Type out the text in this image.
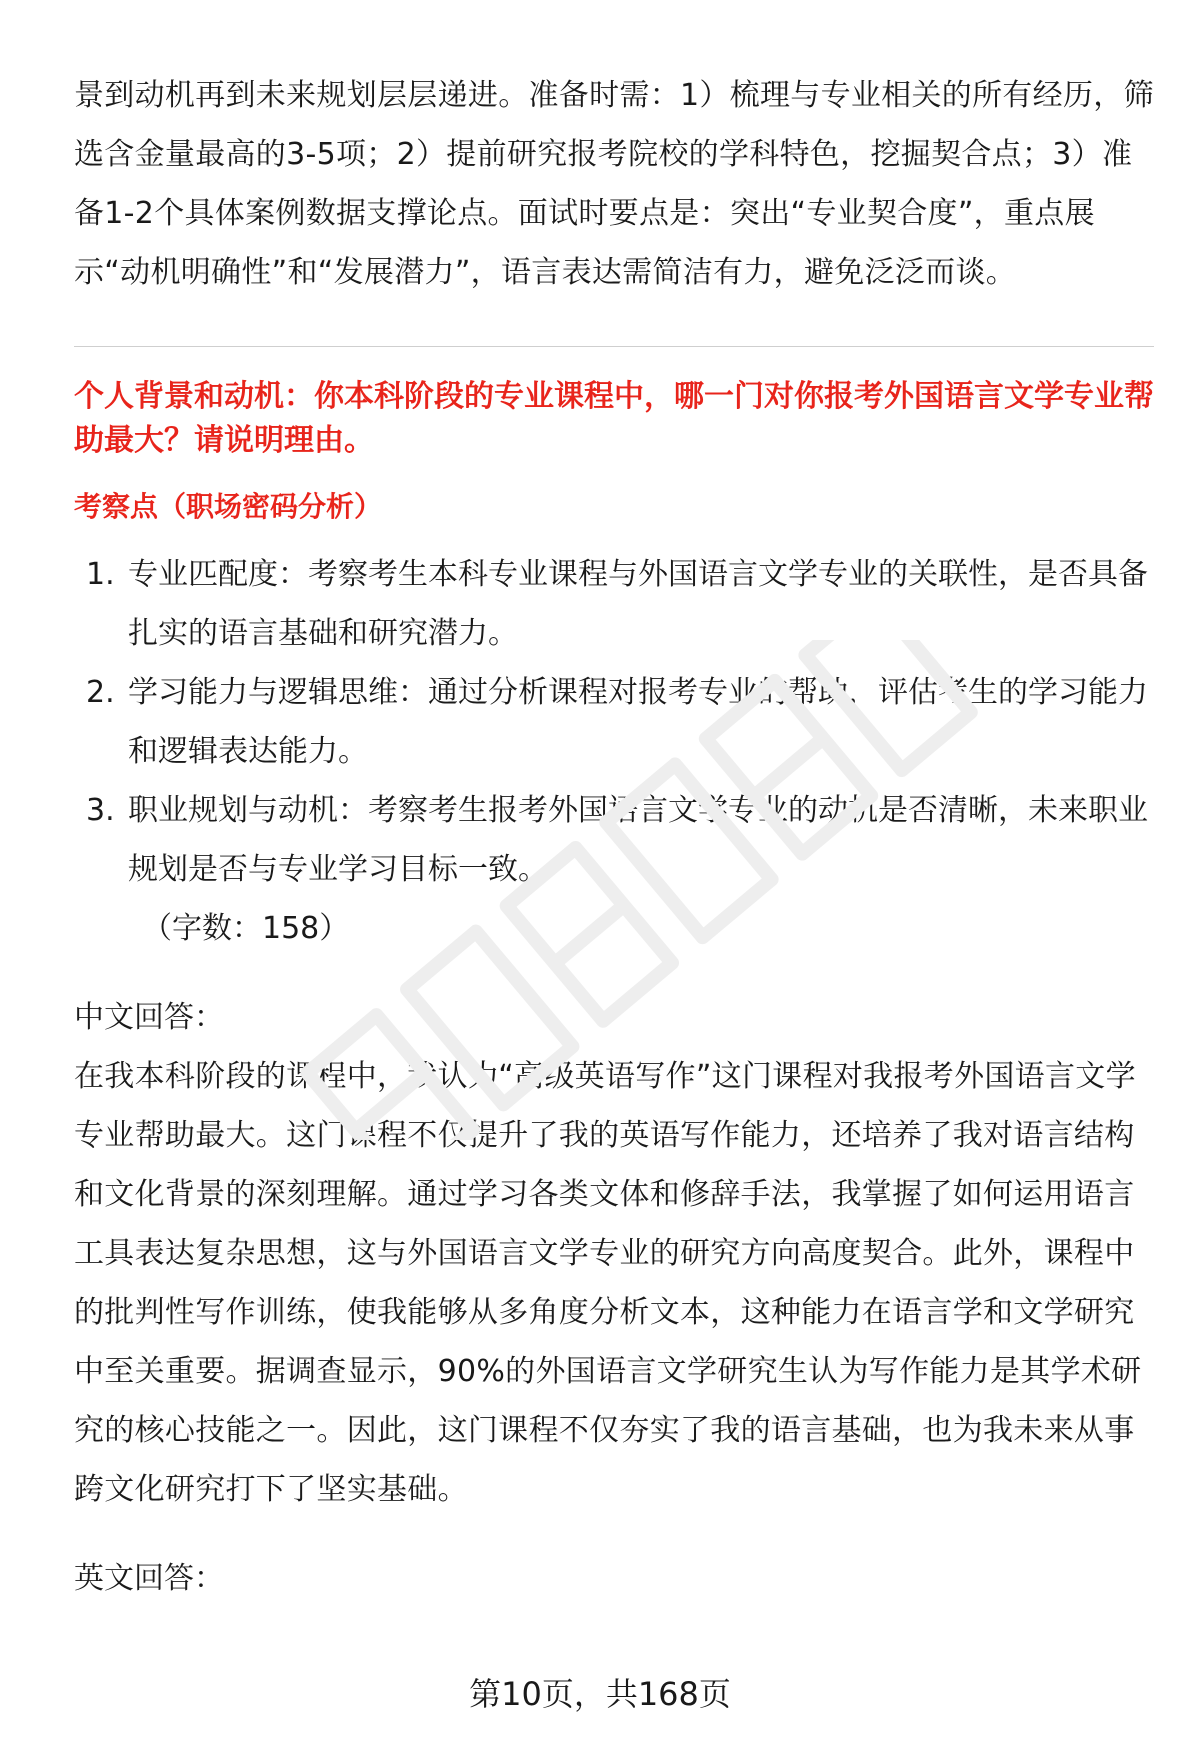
景到动机再到未来规划层层递进。准备时需：1）梳理与专业相关的所有经历，筛选含金量最高的3-5项；2）提前研究报考院校的学科特色，挖掘契合点；3）准备1-2个具体案例数据支撑论点。面试时要点是：突出“专业契合度”，重点展示“动机明确性”和“发展潜力”，语言表达需简洁有力，避免泛泛而谈。

个人背景和动机：你本科阶段的专业课程中，哪一门对你报考外国语言文学专业帮助最大？请说明理由。

考察点（职场密码分析）

1. 专业匹配度：考察考生本科专业课程与外国语言文学专业的关联性，是否具备扎实的语言基础和研究潜力。
2. 学习能力与逻辑思维：通过分析课程对报考专业的帮助，评估考生的学习能力和逻辑表达能力。
3. 职业规划与动机：考察考生报考外国语言文学专业的动机是否清晰，未来职业规划是否与专业学习目标一致。

（字数：158）

中文回答：

在我本科阶段的课程中，我认为“高级英语写作”这门课程对我报考外国语言文学专业帮助最大。这门课程不仅提升了我的英语写作能力，还培养了我对语言结构和文化背景的深刻理解。通过学习各类文体和修辞手法，我掌握了如何运用语言工具表达复杂思想，这与外国语言文学专业的研究方向高度契合。此外，课程中的批判性写作训练，使我能够从多角度分析文本，这种能力在语言学和文学研究中至关重要。据调查显示，90%的外国语言文学研究生认为写作能力是其学术研究的核心技能之一。因此，这门课程不仅夯实了我的语言基础，也为我未来从事跨文化研究打下了坚实基础。

英文回答：

第10页，共168页
